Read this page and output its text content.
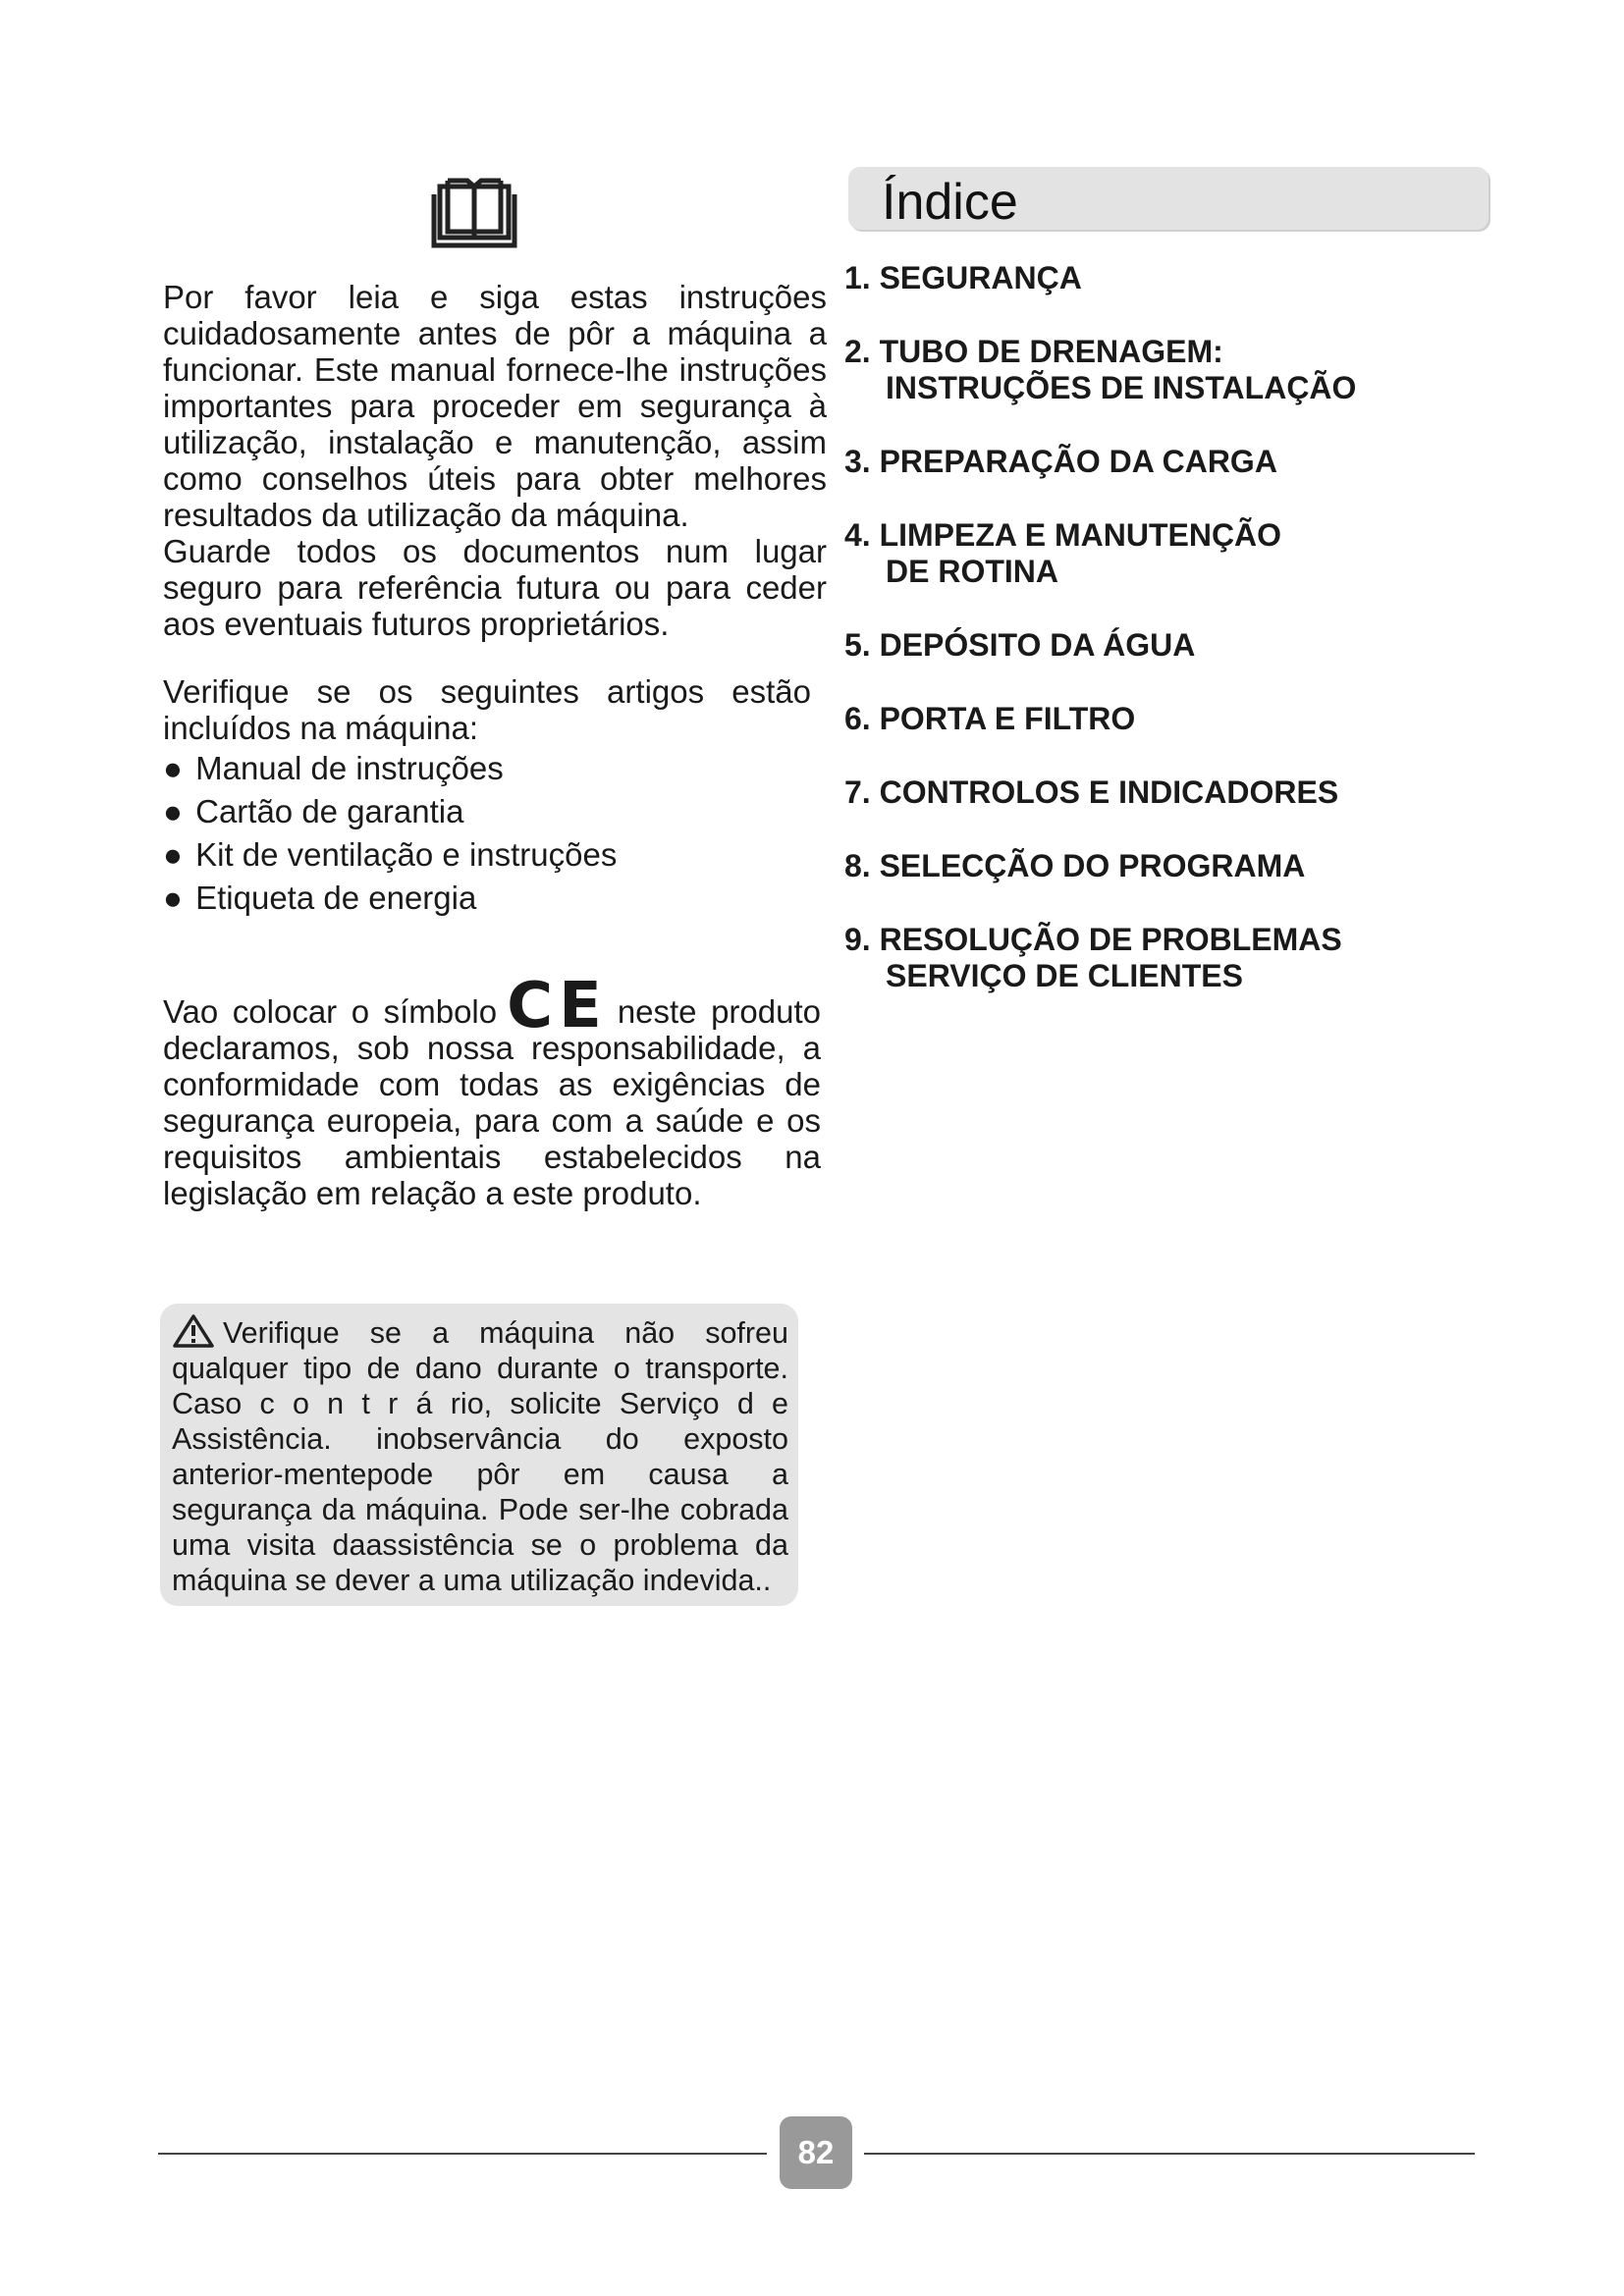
Por favor leia e siga estas instruções cuidadosamente antes de pôr a máquina a funcionar. Este manual fornece-lhe instruções importantes para proceder em segurança à utilização, instalação e manutenção, assim como conselhos úteis para obter melhores resultados da utilização da máquina.

Guarde todos os documentos num lugar seguro para referência futura ou para ceder aos eventuais futuros proprietários.

Verifique se os seguintes artigos estão incluídos na máquina:

● Manual de instruções
● Cartão de garantia
● Kit de ventilação e instruções
● Etiqueta de energia

Vao colocar o símbolo CE neste produto declaramos, sob nossa responsabilidade, a conformidade com todas as exigências de segurança europeia, para com a saúde e os requisitos ambientais estabelecidos na legislação em relação a este produto.

Verifique se a máquina não sofreu qualquer tipo de dano durante o transporte. Caso c o n t r á rio, solicite Serviço d e Assistência. inobservância do exposto anterior-mentepode pôr em causa a segurança da máquina. Pode ser-lhe cobrada uma visita daassistência se o problema da máquina se dever a uma utilização indevida..

Índice
1. SEGURANÇA
2. TUBO DE DRENAGEM:
INSTRUÇÕES DE INSTALAÇÃO
3. PREPARAÇÃO DA CARGA
4. LIMPEZA E MANUTENÇÃO
DE ROTINA
5. DEPÓSITO DA ÁGUA
6. PORTA E FILTRO
7. CONTROLOS E INDICADORES
8. SELECÇÃO DO PROGRAMA
9. RESOLUÇÃO DE PROBLEMAS
SERVIÇO DE CLIENTES
82
